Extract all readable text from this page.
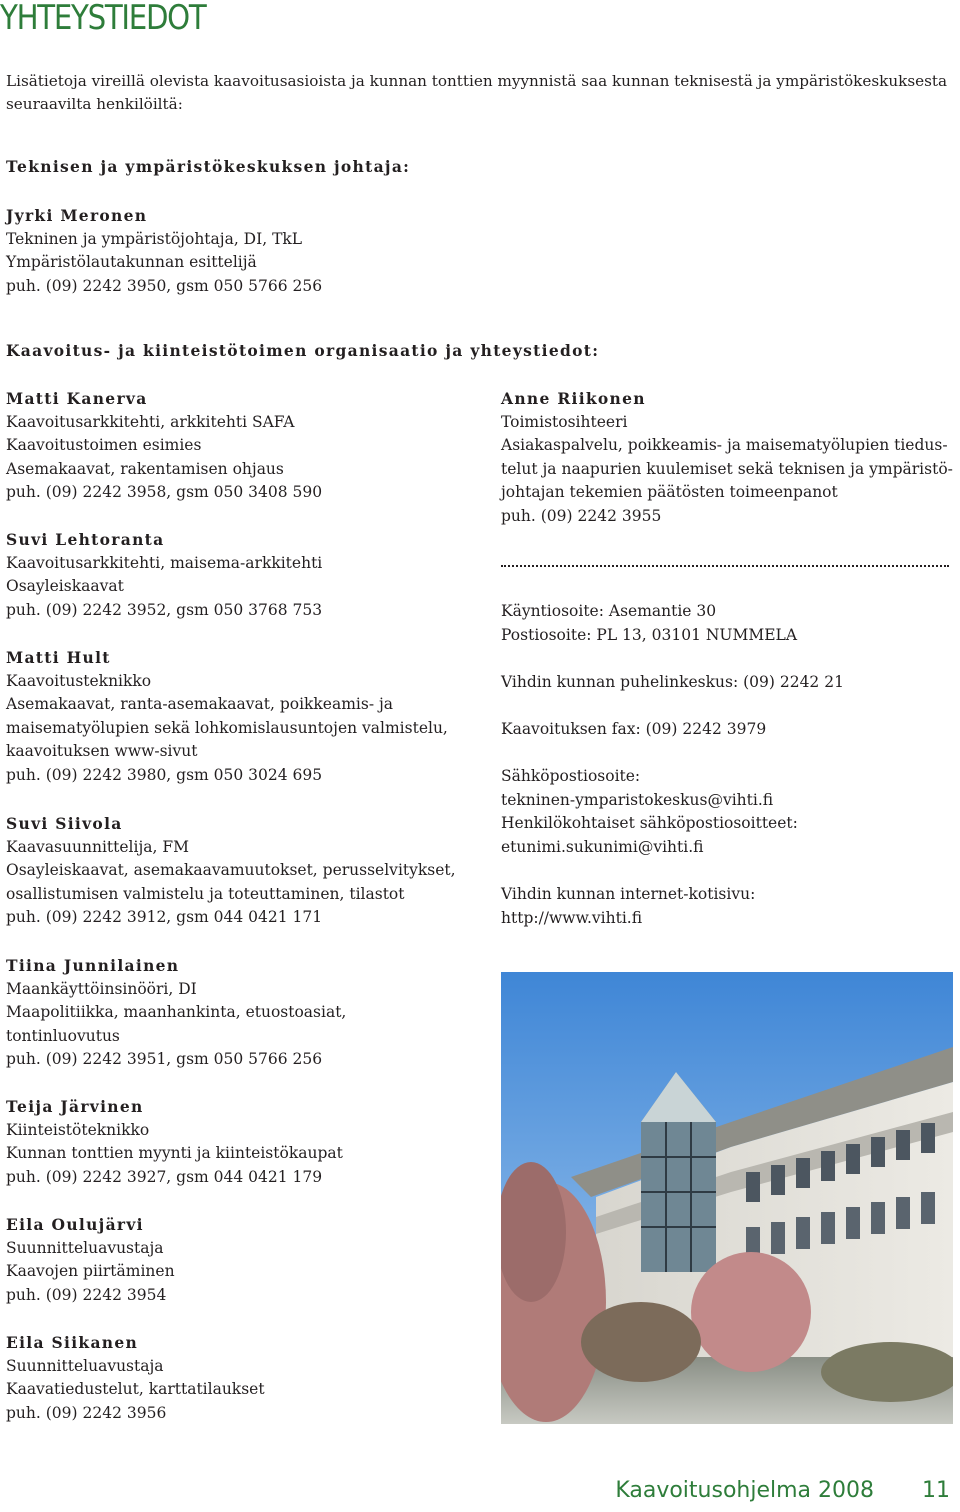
YHTEYSTIEDOT

Lisätietoja vireillä olevista kaavoitusasioista ja kunnan tonttien myynnistä saa kunnan teknisestä ja ympäristökeskuksesta seuraavilta henkilöiltä:

Teknisen ja ympäristökeskuksen johtaja:
Jyrki Meronen
Tekninen ja ympäristöjohtaja, DI, TkL
Ympäristölautakunnan esittelijä
puh. (09) 2242 3950, gsm 050 5766 256
Kaavoitus- ja kiinteistötoimen organisaatio ja yhteystiedot:
Matti Kanerva
Kaavoitusarkkitehti, arkkitehti SAFA
Kaavoitustoimen esimies
Asemakaavat, rakentamisen ohjaus
puh. (09) 2242 3958, gsm 050 3408 590
Suvi Lehtoranta
Kaavoitusarkkitehti, maisema-arkkitehti
Osayleiskaavat
puh. (09) 2242 3952, gsm 050 3768 753
Matti Hult
Kaavoitusteknikko
Asemakaavat, ranta-asemakaavat, poikkeamis- ja
maisematyölupien sekä lohkomislausuntojen valmistelu,
kaavoituksen www-sivut
puh. (09) 2242 3980, gsm 050 3024 695
Suvi Siivola
Kaavasuunnittelija, FM
Osayleiskaavat, asemakaavamuutokset, perusselvitykset,
osallistumisen valmistelu ja toteuttaminen, tilastot
puh. (09) 2242 3912, gsm 044 0421 171
Tiina Junnilainen
Maankäyttöinsinööri, DI
Maapolitiikka, maanhankinta, etuostoasiat,
tontinluovutus
puh. (09) 2242 3951, gsm 050 5766 256
Teija Järvinen
Kiinteistöteknikko
Kunnan tonttien myynti ja kiinteistökaupat
puh. (09) 2242 3927, gsm 044 0421 179
Eila Oulujärvi
Suunnitteluavustaja
Kaavojen piirtäminen
puh. (09) 2242 3954
Eila Siikanen
Suunnitteluavustaja
Kaavatiedustelut, karttatilaukset
puh. (09) 2242 3956
Anne Riikonen
Toimistosihteeri
Asiakaspalvelu, poikkeamis- ja maisematyölupien tiedus-
telut ja naapurien kuulemiset sekä teknisen ja ympäristö-
johtajan tekemien päätösten toimeenpanot
puh. (09) 2242 3955
Käyntiosoite: Asemantie 30
Postiosoite: PL 13, 03101 NUMMELA
Vihdin kunnan puhelinkeskus: (09) 2242 21
Kaavoituksen fax: (09) 2242 3979
Sähköpostiosoite:
tekninen-ymparistokeskus@vihti.fi
Henkilökohtaiset sähköpostiosoitteet:
etunimi.sukunimi@vihti.fi
Vihdin kunnan internet-kotisivu:
http://www.vihti.fi
Kaavoitusohjelma 2008 11
